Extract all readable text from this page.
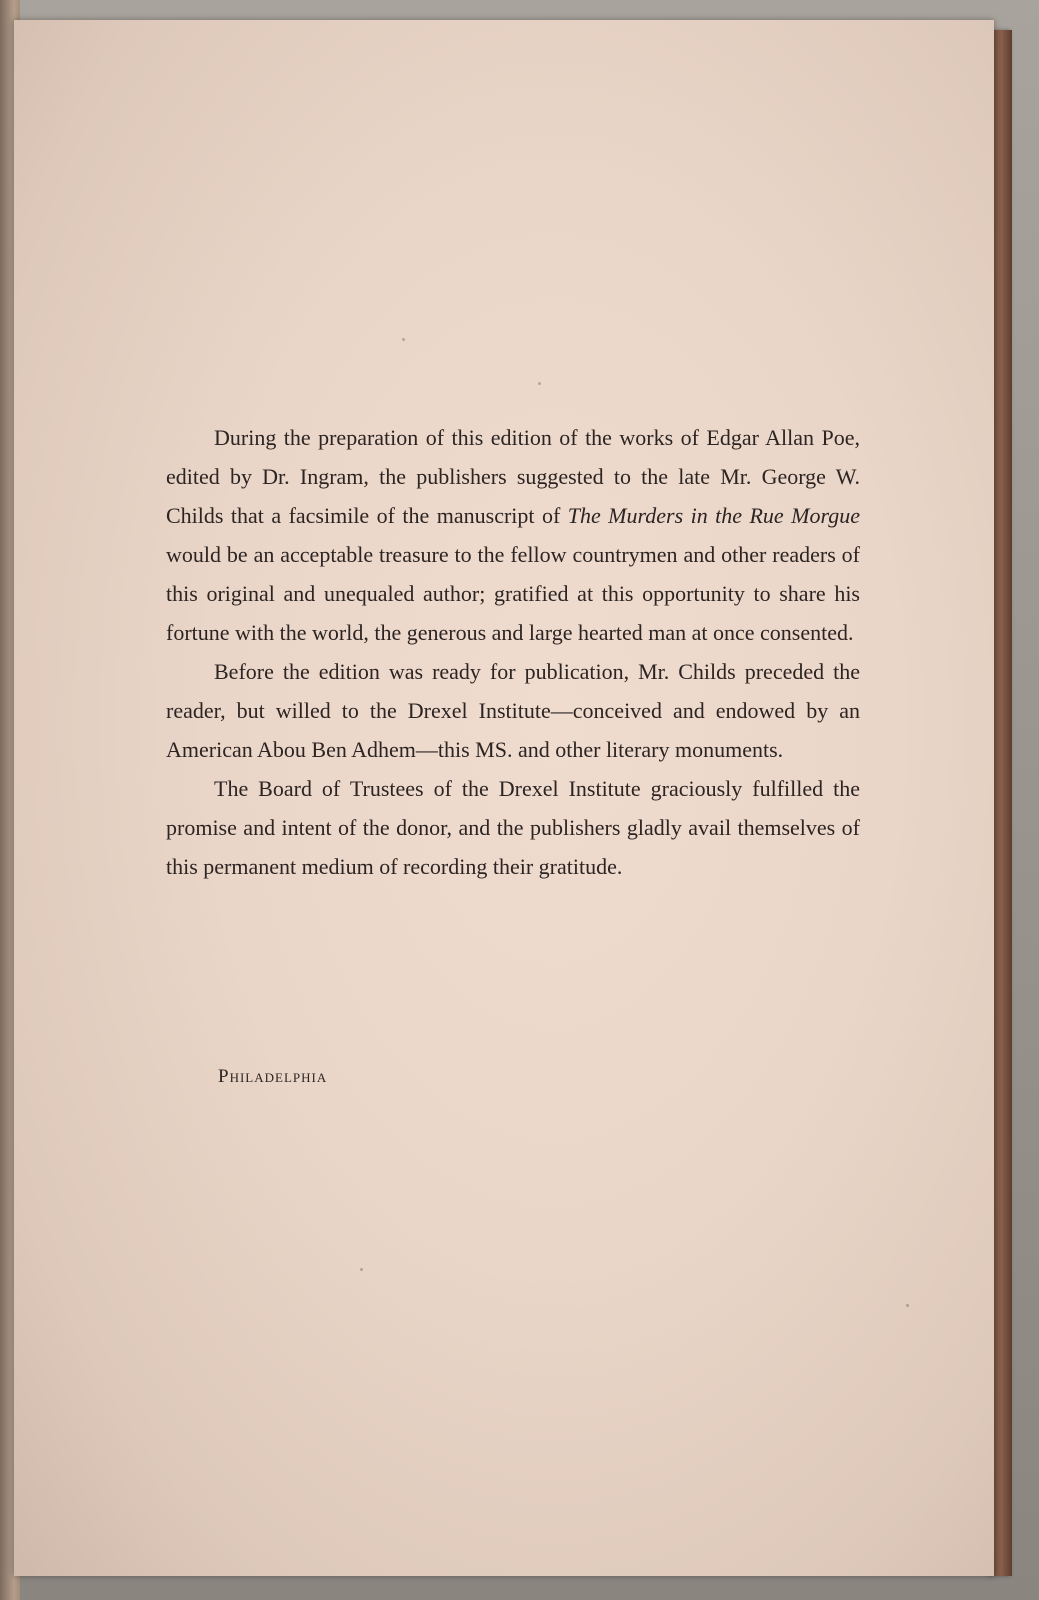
During the preparation of this edition of the works of Edgar Allan Poe, edited by Dr. Ingram, the publishers suggested to the late Mr. George W. Childs that a facsimile of the manuscript of The Murders in the Rue Morgue would be an acceptable treasure to the fellow countrymen and other readers of this original and unequaled author; gratified at this opportunity to share his fortune with the world, the generous and large hearted man at once consented.

Before the edition was ready for publication, Mr. Childs preceded the reader, but willed to the Drexel Institute—conceived and endowed by an American Abou Ben Adhem—this MS. and other literary monuments.

The Board of Trustees of the Drexel Institute graciously fulfilled the promise and intent of the donor, and the publishers gladly avail themselves of this permanent medium of recording their gratitude.

Philadelphia
